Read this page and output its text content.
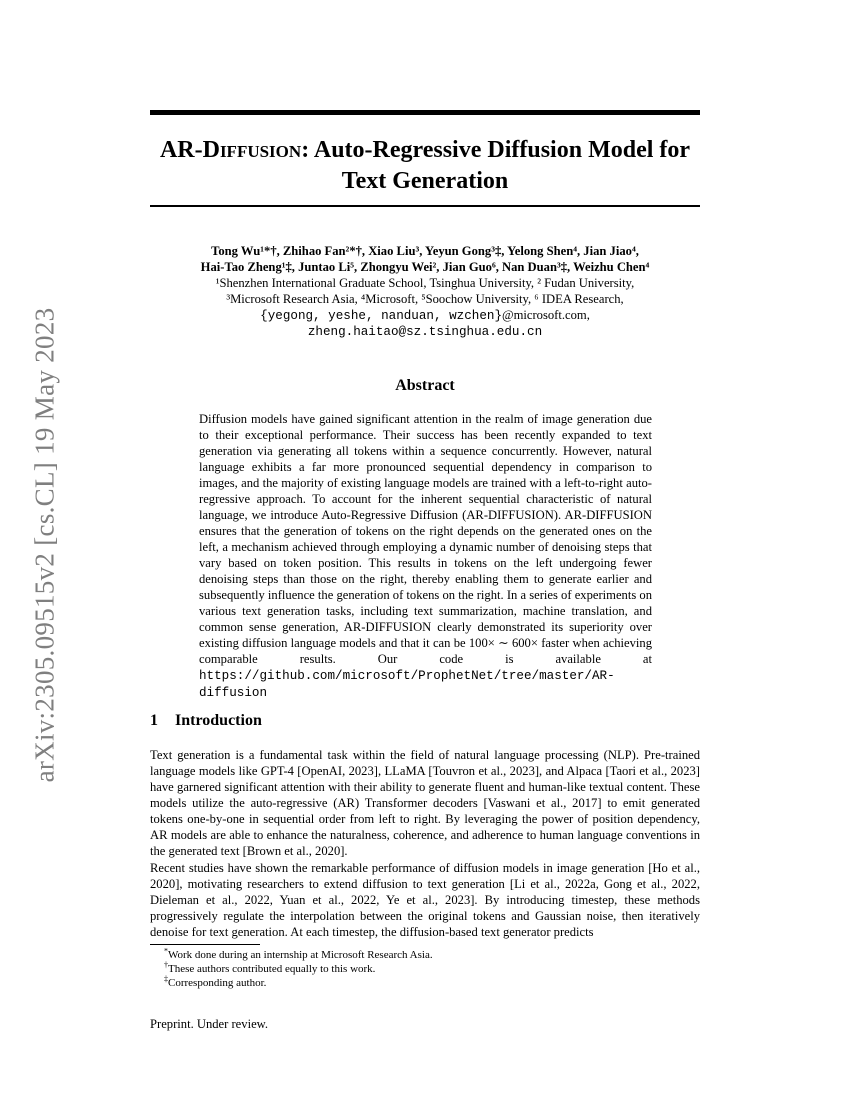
arXiv:2305.09515v2 [cs.CL] 19 May 2023
AR-Diffusion: Auto-Regressive Diffusion Model for
Text Generation
Tong Wu¹*†, Zhihao Fan²*†, Xiao Liu³, Yeyun Gong³‡, Yelong Shen⁴, Jian Jiao⁴,
Hai-Tao Zheng¹‡, Juntao Li⁵, Zhongyu Wei², Jian Guo⁶, Nan Duan³‡, Weizhu Chen⁴
¹Shenzhen International Graduate School, Tsinghua University, ² Fudan University,
³Microsoft Research Asia, ⁴Microsoft, ⁵Soochow University, ⁶ IDEA Research,
{yegong, yeshe, nanduan, wzchen}@microsoft.com,
zheng.haitao@sz.tsinghua.edu.cn
Abstract

Diffusion models have gained significant attention in the realm of image generation due to their exceptional performance. Their success has been recently expanded to text generation via generating all tokens within a sequence concurrently. However, natural language exhibits a far more pronounced sequential dependency in comparison to images, and the majority of existing language models are trained with a left-to-right auto-regressive approach. To account for the inherent sequential characteristic of natural language, we introduce Auto-Regressive Diffusion (AR-DIFFUSION). AR-DIFFUSION ensures that the generation of tokens on the right depends on the generated ones on the left, a mechanism achieved through employing a dynamic number of denoising steps that vary based on token position. This results in tokens on the left undergoing fewer denoising steps than those on the right, thereby enabling them to generate earlier and subsequently influence the generation of tokens on the right. In a series of experiments on various text generation tasks, including text summarization, machine translation, and common sense generation, AR-DIFFUSION clearly demonstrated its superiority over existing diffusion language models and that it can be 100× ∼ 600× faster when achieving comparable results. Our code is available at https://github.com/microsoft/ProphetNet/tree/master/AR-diffusion

1 Introduction

Text generation is a fundamental task within the field of natural language processing (NLP). Pre-trained language models like GPT-4 [OpenAI, 2023], LLaMA [Touvron et al., 2023], and Alpaca [Taori et al., 2023] have garnered significant attention with their ability to generate fluent and human-like textual content. These models utilize the auto-regressive (AR) Transformer decoders [Vaswani et al., 2017] to emit generated tokens one-by-one in sequential order from left to right. By leveraging the power of position dependency, AR models are able to enhance the naturalness, coherence, and adherence to human language conventions in the generated text [Brown et al., 2020].

Recent studies have shown the remarkable performance of diffusion models in image generation [Ho et al., 2020], motivating researchers to extend diffusion to text generation [Li et al., 2022a, Gong et al., 2022, Dieleman et al., 2022, Yuan et al., 2022, Ye et al., 2023]. By introducing timestep, these methods progressively regulate the interpolation between the original tokens and Gaussian noise, then iteratively denoise for text generation. At each timestep, the diffusion-based text generator predicts

*Work done during an internship at Microsoft Research Asia.
†These authors contributed equally to this work.
‡Corresponding author.
Preprint. Under review.
